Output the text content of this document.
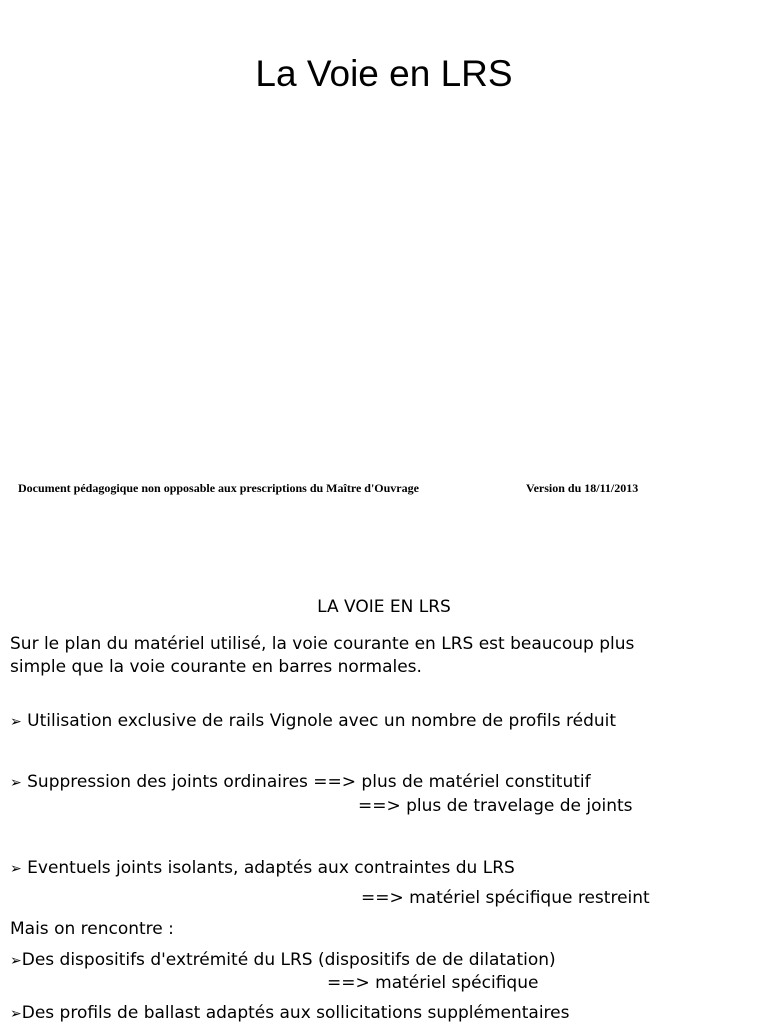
La Voie en LRS
Document pédagogique non opposable aux prescriptions du Maître d'Ouvrage	Version du 18/11/2013
LA VOIE EN LRS
Sur le plan du matériel utilisé, la voie courante en LRS est beaucoup plus
simple que la voie courante en barres normales.
➢ Utilisation exclusive de rails Vignole avec un nombre de profils réduit
➢ Suppression des joints ordinaires ==> plus de matériel constitutif
==> plus de travelage de joints
➢ Eventuels joints isolants, adaptés aux contraintes du LRS
==> matériel spécifique restreint
Mais on rencontre :
➢Des dispositifs d'extrémité du LRS (dispositifs de de dilatation)
==> matériel spécifique
➢Des profils de ballast adaptés aux sollicitations supplémentaires
